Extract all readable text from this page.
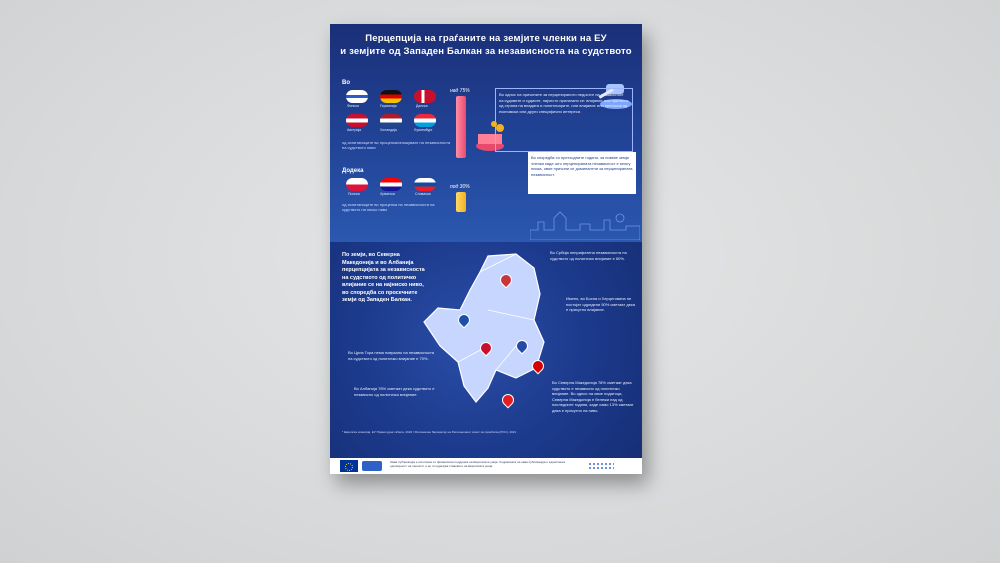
Перцепција на граѓаните на земјите членки на ЕУ
и земјите од Западен Балкан за независноста на судството
Во
Финска	Германија	Данска
Австрија	Холандија	Луксембург
од испитаниците во проценка/опишуваат на независноста на судството ниво
над 75%
Додека
Полска	Хрватска	Словачка
од испитаниците во проценка на независноста на судството на ниско ниво
под 30%
Во однос на причините за перцепираното недостиг на независност на судовите и судиите, најчесто прилагани се: влијание или притисок од страна на владата и политичарите, или влијание или притисок од економски или други специфични интереси.
Во споредба со претходните години, за повеќе земји членки каде што перцепираната независност е многу ниска, овие причини се доминантни за перцепираната независност.
По земји, во Северна Македонија и во Албанија перцепцијата за независноста на судството од политичко влијание се на најниско ниво, во споредба со просечните земји од Западен Балкан.
Во Србија неприфатена независноста на судството од политичко влијание е 60%.
Имено, во Босна и Херцеговина не постојат одредени 50% сметаат дека е присутно влијание.
Во Црна Гора нема поврзано на независноста на судството од политичко влијание е 70%.
Во Албанија 78% сметаат дека судството е независно од политичко влијание.
Во Северна Македонија 78% сметаат дека судството е независно од политичко влијание. Во однос на овие податоци, Северна Македонија е бележи пад од последните години, каде само 13% сметаат дека е присутно на ниво.
* Европска комисија, ЕУ Правосудна табела, 2022 / Регионален барометар на Регионалниот совет за соработка (РСС), 2021
Оваа публикација е изготвена со финансиска поддршка на Европската унија. Содржината на оваа публикација е единствена одговорност на проектот и не ги одразува ставовите на Европската унија.
